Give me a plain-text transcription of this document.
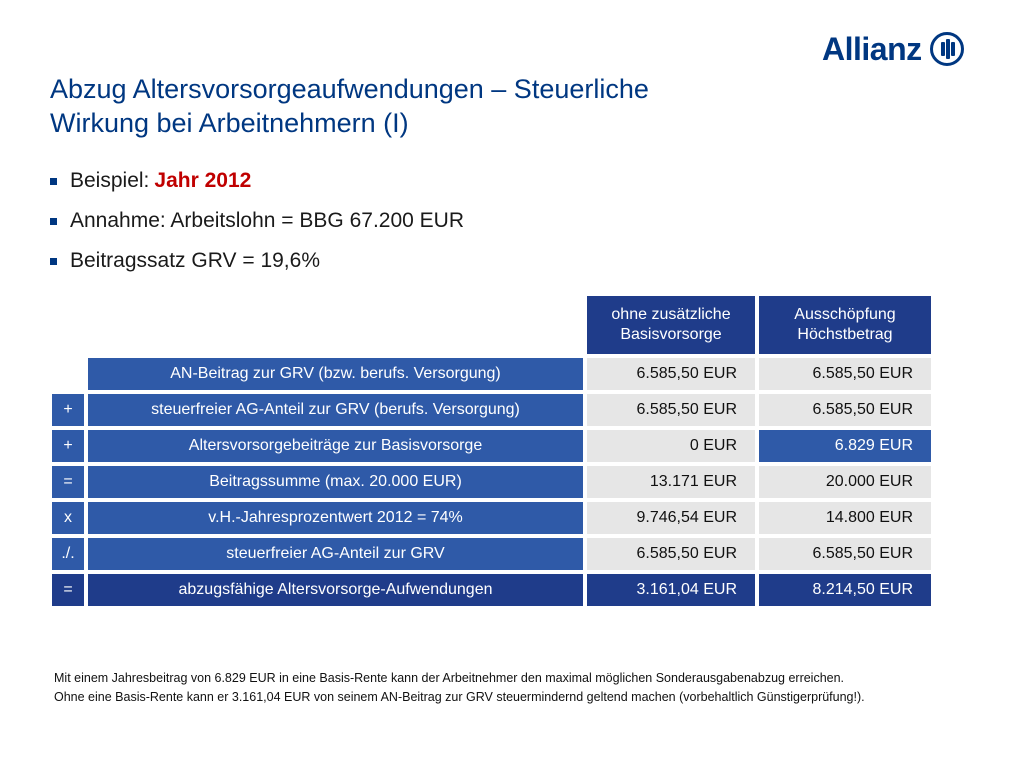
Allianz
Abzug Altersvorsorgeaufwendungen – Steuerliche
Wirkung bei Arbeitnehmern (I)
Beispiel: Jahr 2012
Annahme: Arbeitslohn = BBG 67.200 EUR
Beitragssatz GRV = 19,6%
		ohne zusätzliche Basisvorsorge	Ausschöpfung Höchstbetrag
	AN-Beitrag zur GRV (bzw. berufs. Versorgung)	6.585,50 EUR	6.585,50 EUR
+	steuerfreier AG-Anteil zur GRV (berufs. Versorgung)	6.585,50 EUR	6.585,50 EUR
+	Altersvorsorgebeiträge zur Basisvorsorge	0 EUR	6.829 EUR
=	Beitragssumme (max. 20.000 EUR)	13.171 EUR	20.000 EUR
x	v.H.-Jahresprozentwert 2012 = 74%	9.746,54 EUR	14.800 EUR
./.	steuerfreier AG-Anteil zur GRV	6.585,50 EUR	6.585,50 EUR
=	abzugsfähige Altersvorsorge-Aufwendungen	3.161,04 EUR	8.214,50 EUR
Mit einem Jahresbeitrag von 6.829 EUR in eine Basis-Rente kann der Arbeitnehmer den maximal möglichen Sonderausgabenabzug erreichen.
Ohne eine Basis-Rente kann er 3.161,04 EUR von seinem AN-Beitrag zur GRV steuermindernd geltend machen (vorbehaltlich Günstigerprüfung!).
